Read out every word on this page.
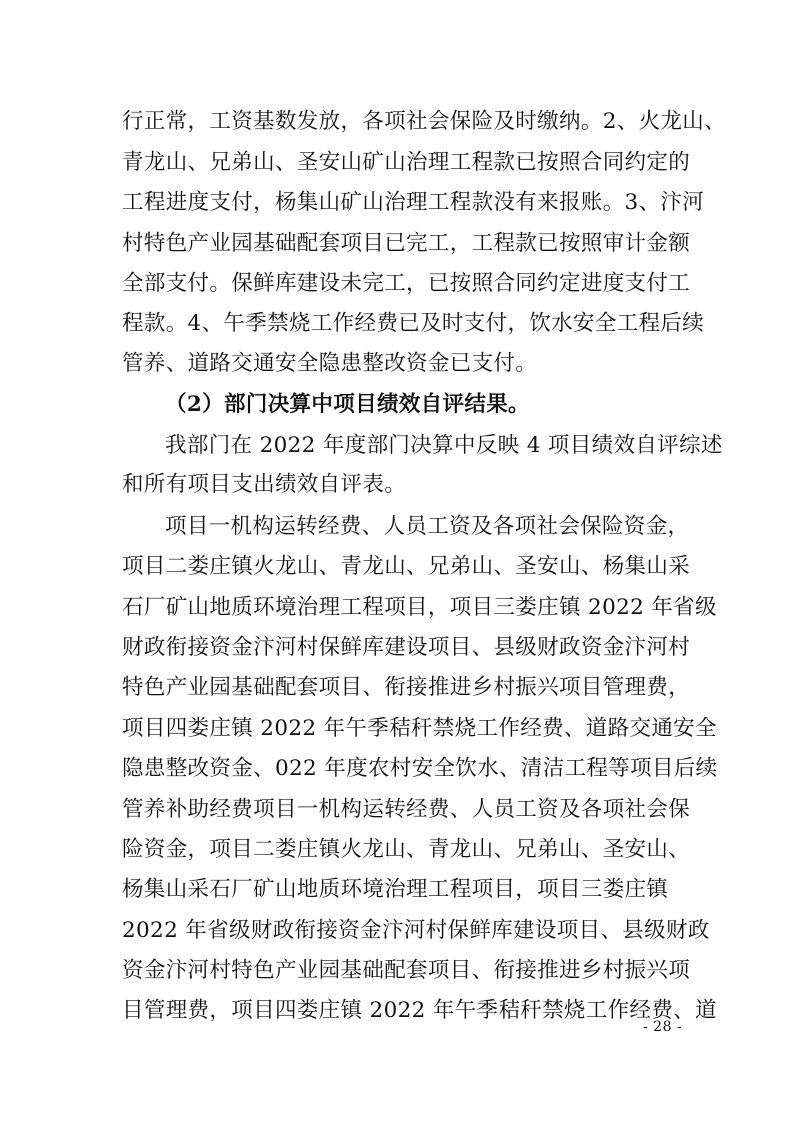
行正常，工资基数发放，各项社会保险及时缴纳。2、火龙山、
青龙山、兄弟山、圣安山矿山治理工程款已按照合同约定的
工程进度支付，杨集山矿山治理工程款没有来报账。3、汴河
村特色产业园基础配套项目已完工，工程款已按照审计金额
全部支付。保鲜库建设未完工，已按照合同约定进度支付工
程款。4、午季禁烧工作经费已及时支付，饮水安全工程后续
管养、道路交通安全隐患整改资金已支付。
（2）部门决算中项目绩效自评结果。
我部门在 2022 年度部门决算中反映 4 项目绩效自评综述
和所有项目支出绩效自评表。
项目一机构运转经费、人员工资及各项社会保险资金，
项目二娄庄镇火龙山、青龙山、兄弟山、圣安山、杨集山采
石厂矿山地质环境治理工程项目，项目三娄庄镇 2022 年省级
财政衔接资金汴河村保鲜库建设项目、县级财政资金汴河村
特色产业园基础配套项目、衔接推进乡村振兴项目管理费，
项目四娄庄镇 2022 年午季秸秆禁烧工作经费、道路交通安全
隐患整改资金、022 年度农村安全饮水、清洁工程等项目后续
管养补助经费项目一机构运转经费、人员工资及各项社会保
险资金，项目二娄庄镇火龙山、青龙山、兄弟山、圣安山、
杨集山采石厂矿山地质环境治理工程项目，项目三娄庄镇
2022 年省级财政衔接资金汴河村保鲜库建设项目、县级财政
资金汴河村特色产业园基础配套项目、衔接推进乡村振兴项
目管理费，项目四娄庄镇 2022 年午季秸秆禁烧工作经费、道
- 28 -
